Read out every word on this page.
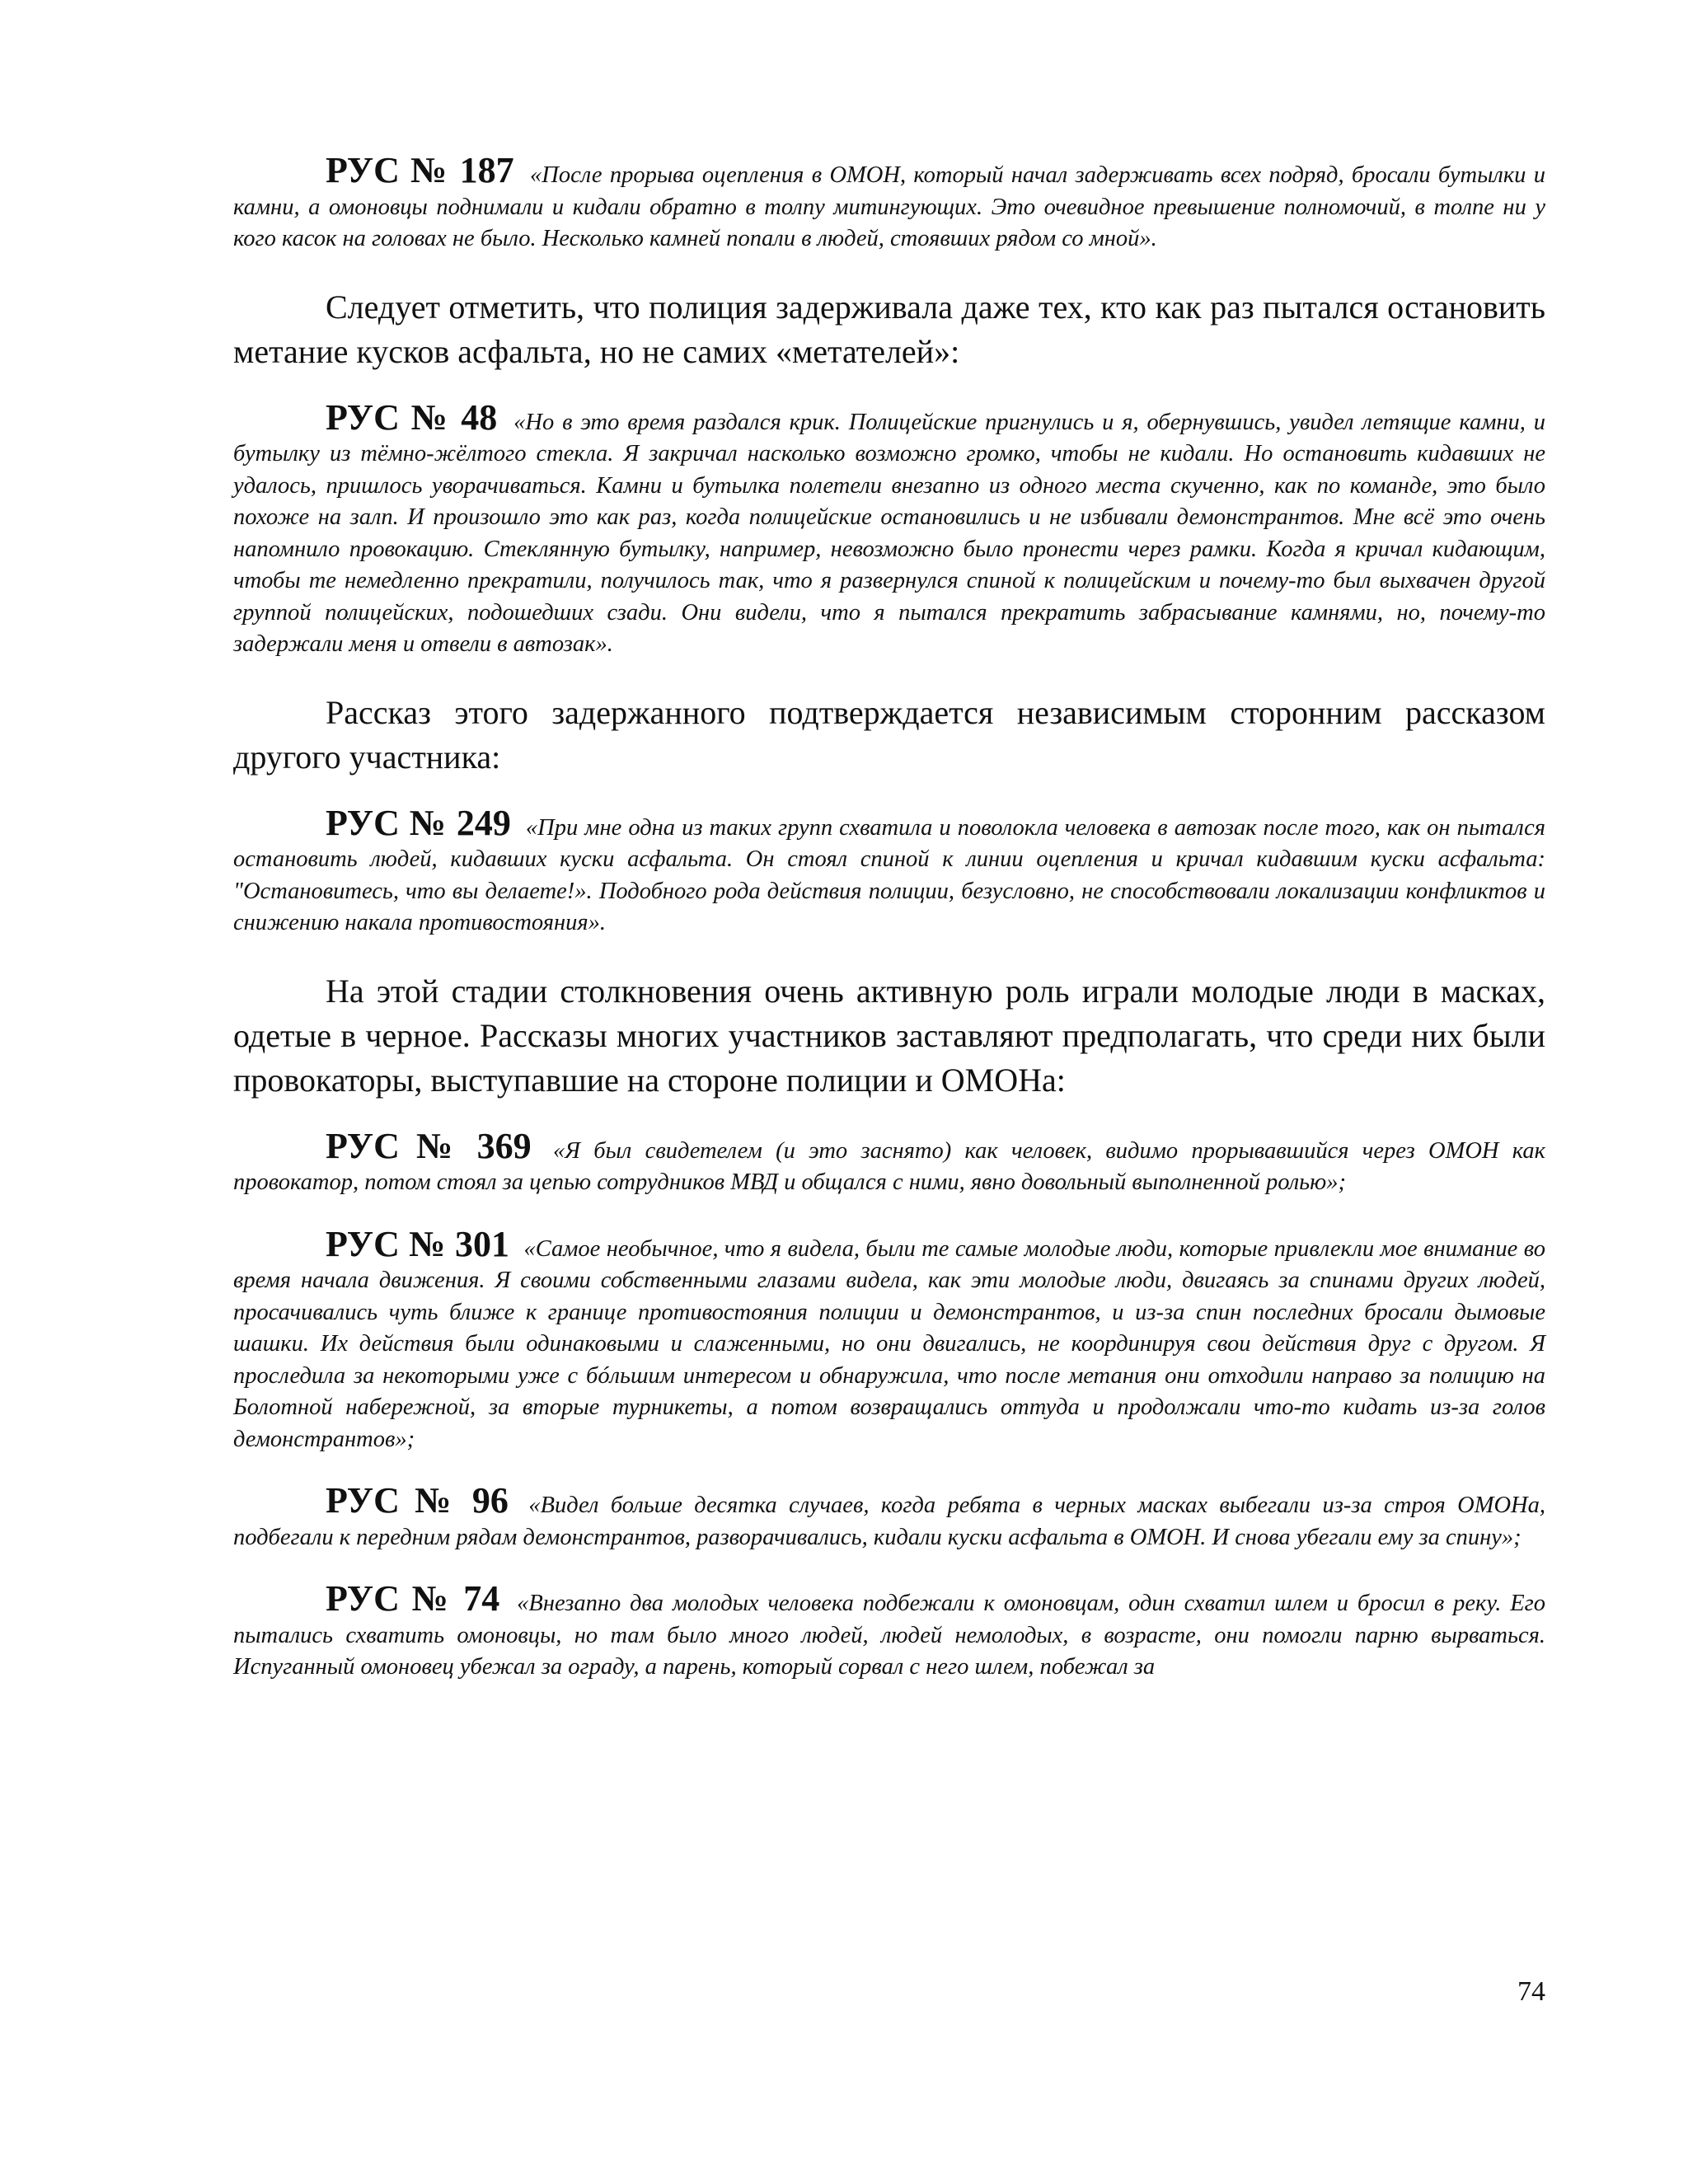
РУС № 187 «После прорыва оцепления в ОМОН, который начал задерживать всех подряд, бросали бутылки и камни, а омоновцы поднимали и кидали обратно в толпу митингующих. Это очевидное превышение полномочий, в толпе ни у кого касок на головах не было. Несколько камней попали в людей, стоявших рядом со мной».

Следует отметить, что полиция задерживала даже тех, кто как раз пытался остановить метание кусков асфальта, но не самих «метателей»:

РУС № 48 «Но в это время раздался крик. Полицейские пригнулись и я, обернувшись, увидел летящие камни, и бутылку из тёмно-жёлтого стекла. Я закричал насколько возможно громко, чтобы не кидали. Но остановить кидавших не удалось, пришлось уворачиваться. Камни и бутылка полетели внезапно из одного места скученно, как по команде, это было похоже на залп. И произошло это как раз, когда полицейские остановились и не избивали демонстрантов. Мне всё это очень напомнило провокацию. Стеклянную бутылку, например, невозможно было пронести через рамки. Когда я кричал кидающим, чтобы те немедленно прекратили, получилось так, что я развернулся спиной к полицейским и почему-то был выхвачен другой группой полицейских, подошедших сзади. Они видели, что я пытался прекратить забрасывание камнями, но, почему-то задержали меня и отвели в автозак».

Рассказ этого задержанного подтверждается независимым сторонним рассказом другого участника:

РУС № 249 «При мне одна из таких групп схватила и поволокла человека в автозак после того, как он пытался остановить людей, кидавших куски асфальта. Он стоял спиной к линии оцепления и кричал кидавшим куски асфальта: "Остановитесь, что вы делаете!». Подобного рода действия полиции, безусловно, не способствовали локализации конфликтов и снижению накала противостояния».

На этой стадии столкновения очень активную роль играли молодые люди в масках, одетые в черное. Рассказы многих участников заставляют предполагать, что среди них были провокаторы, выступавшие на стороне полиции и ОМОНа:

РУС № 369 «Я был свидетелем (и это заснято) как человек, видимо прорывавшийся через ОМОН как провокатор, потом стоял за цепью сотрудников МВД и общался с ними, явно довольный выполненной ролью»;

РУС № 301 «Самое необычное, что я видела, были те самые молодые люди, которые привлекли мое внимание во время начала движения. Я своими собственными глазами видела, как эти молодые люди, двигаясь за спинами других людей, просачивались чуть ближе к границе противостояния полиции и демонстрантов, и из-за спин последних бросали дымовые шашки. Их действия были одинаковыми и слаженными, но они двигались, не координируя свои действия друг с другом. Я проследила за некоторыми уже с бóльшим интересом и обнаружила, что после метания они отходили направо за полицию на Болотной набережной, за вторые турникеты, а потом возвращались оттуда и продолжали что-то кидать из-за голов демонстрантов»;

РУС № 96 «Видел больше десятка случаев, когда ребята в черных масках выбегали из-за строя ОМОНа, подбегали к передним рядам демонстрантов, разворачивались, кидали куски асфальта в ОМОН. И снова убегали ему за спину»;

РУС № 74 «Внезапно два молодых человека подбежали к омоновцам, один схватил шлем и бросил в реку. Его пытались схватить омоновцы, но там было много людей, людей немолодых, в возрасте, они помогли парню вырваться. Испуганный омоновец убежал за ограду, а парень, который сорвал с него шлем, побежал за

74
